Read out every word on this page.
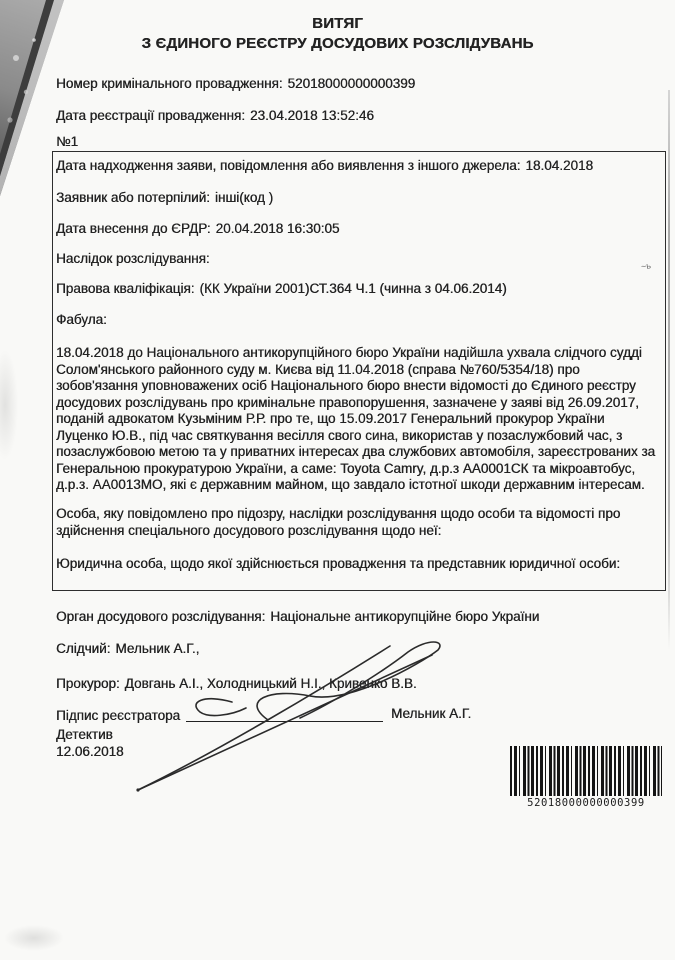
~ь
ВИТЯГ
З ЄДИНОГО РЕЄСТРУ ДОСУДОВИХ РОЗСЛІДУВАНЬ
Номер кримінального провадження: 52018000000000399
Дата реєстрації провадження: 23.04.2018 13:52:46
№1
Дата надходження заяви, повідомлення або виявлення з іншого джерела: 18.04.2018
Заявник або потерпілий: інші(код )
Дата внесення до ЄРДР: 20.04.2018 16:30:05
Наслідок розслідування:
Правова кваліфікація: (КК України 2001)СТ.364 Ч.1 (чинна з 04.06.2014)
Фабула:
18.04.2018 до Національного антикорупційного бюро України надійшла ухвала слідчого судді Солом'янського районного суду м. Києва від 11.04.2018 (справа №760/5354/18) про зобов'язання уповноважених осіб Національного бюро внести відомості до Єдиного реєстру досудових розслідувань про кримінальне правопорушення, зазначене у заяві від 26.09.2017, поданій адвокатом Кузьміним Р.Р. про те, що 15.09.2017 Генеральний прокурор України Луценко Ю.В., під час святкування весілля свого сина, використав у позаслужбовий час, з позаслужбовою метою та у приватних інтересах два службових автомобіля, зареєстрованих за Генеральною прокуратурою України, а саме: Toyota Camry, д.р.з АА0001СК та мікроавтобус, д.р.з. АА0013МО, які є державним майном, що завдало істотної шкоди державним інтересам.
Особа, яку повідомлено про підозру, наслідки розслідування щодо особи та відомості про здійснення спеціального досудового розслідування щодо неї:
Юридична особа, щодо якої здійснюється провадження та представник юридичної особи:
Орган досудового розслідування: Національне антикорупційне бюро України
Слідчий: Мельник А.Г.,
Прокурор: Довгань А.І., Холодницький Н.І., Кривенко В.В.
Підпис реєстратора	Мельник А.Г.
Детектив
12.06.2018
52018000000000399
